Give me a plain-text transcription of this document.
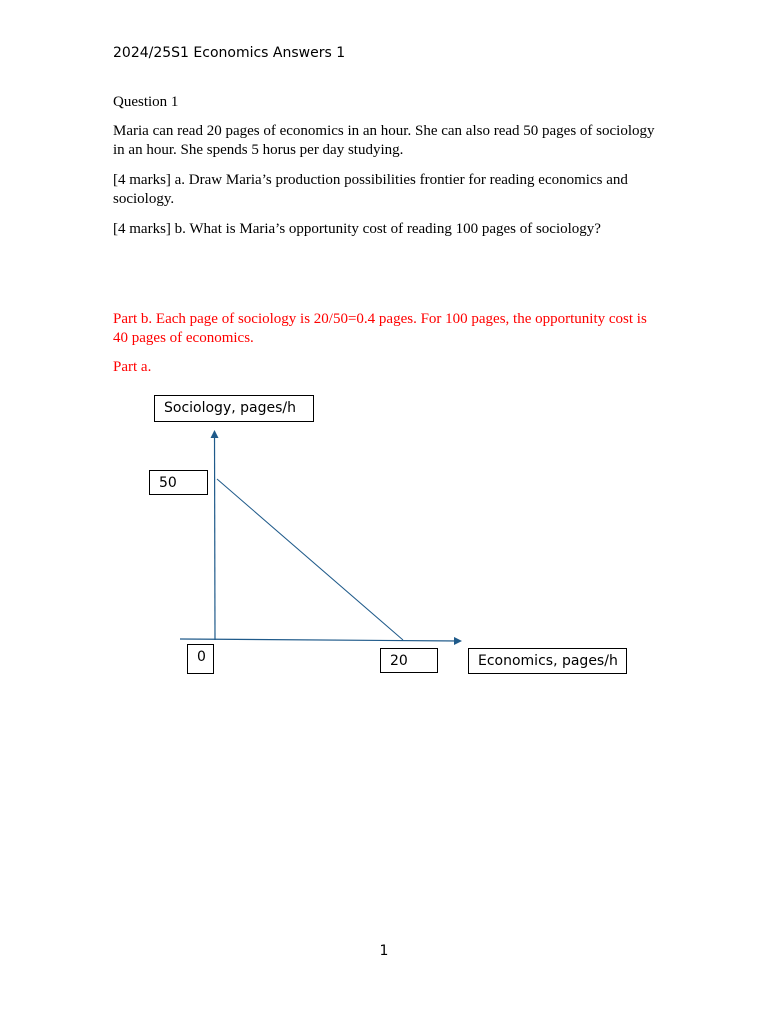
2024/25S1 Economics Answers 1

Question 1

Maria can read 20 pages of economics in an hour. She can also read 50 pages of sociology in an hour. She spends 5 horus per day studying.

[4 marks] a. Draw Maria’s production possibilities frontier for reading economics and sociology.

[4 marks] b. What is Maria’s opportunity cost of reading 100 pages of sociology?

Part b. Each page of sociology is 20/50=0.4 pages. For 100 pages, the opportunity cost is 40 pages of economics.

Part a.

Sociology, pages/h
50
0	20	Economics, pages/h
1
